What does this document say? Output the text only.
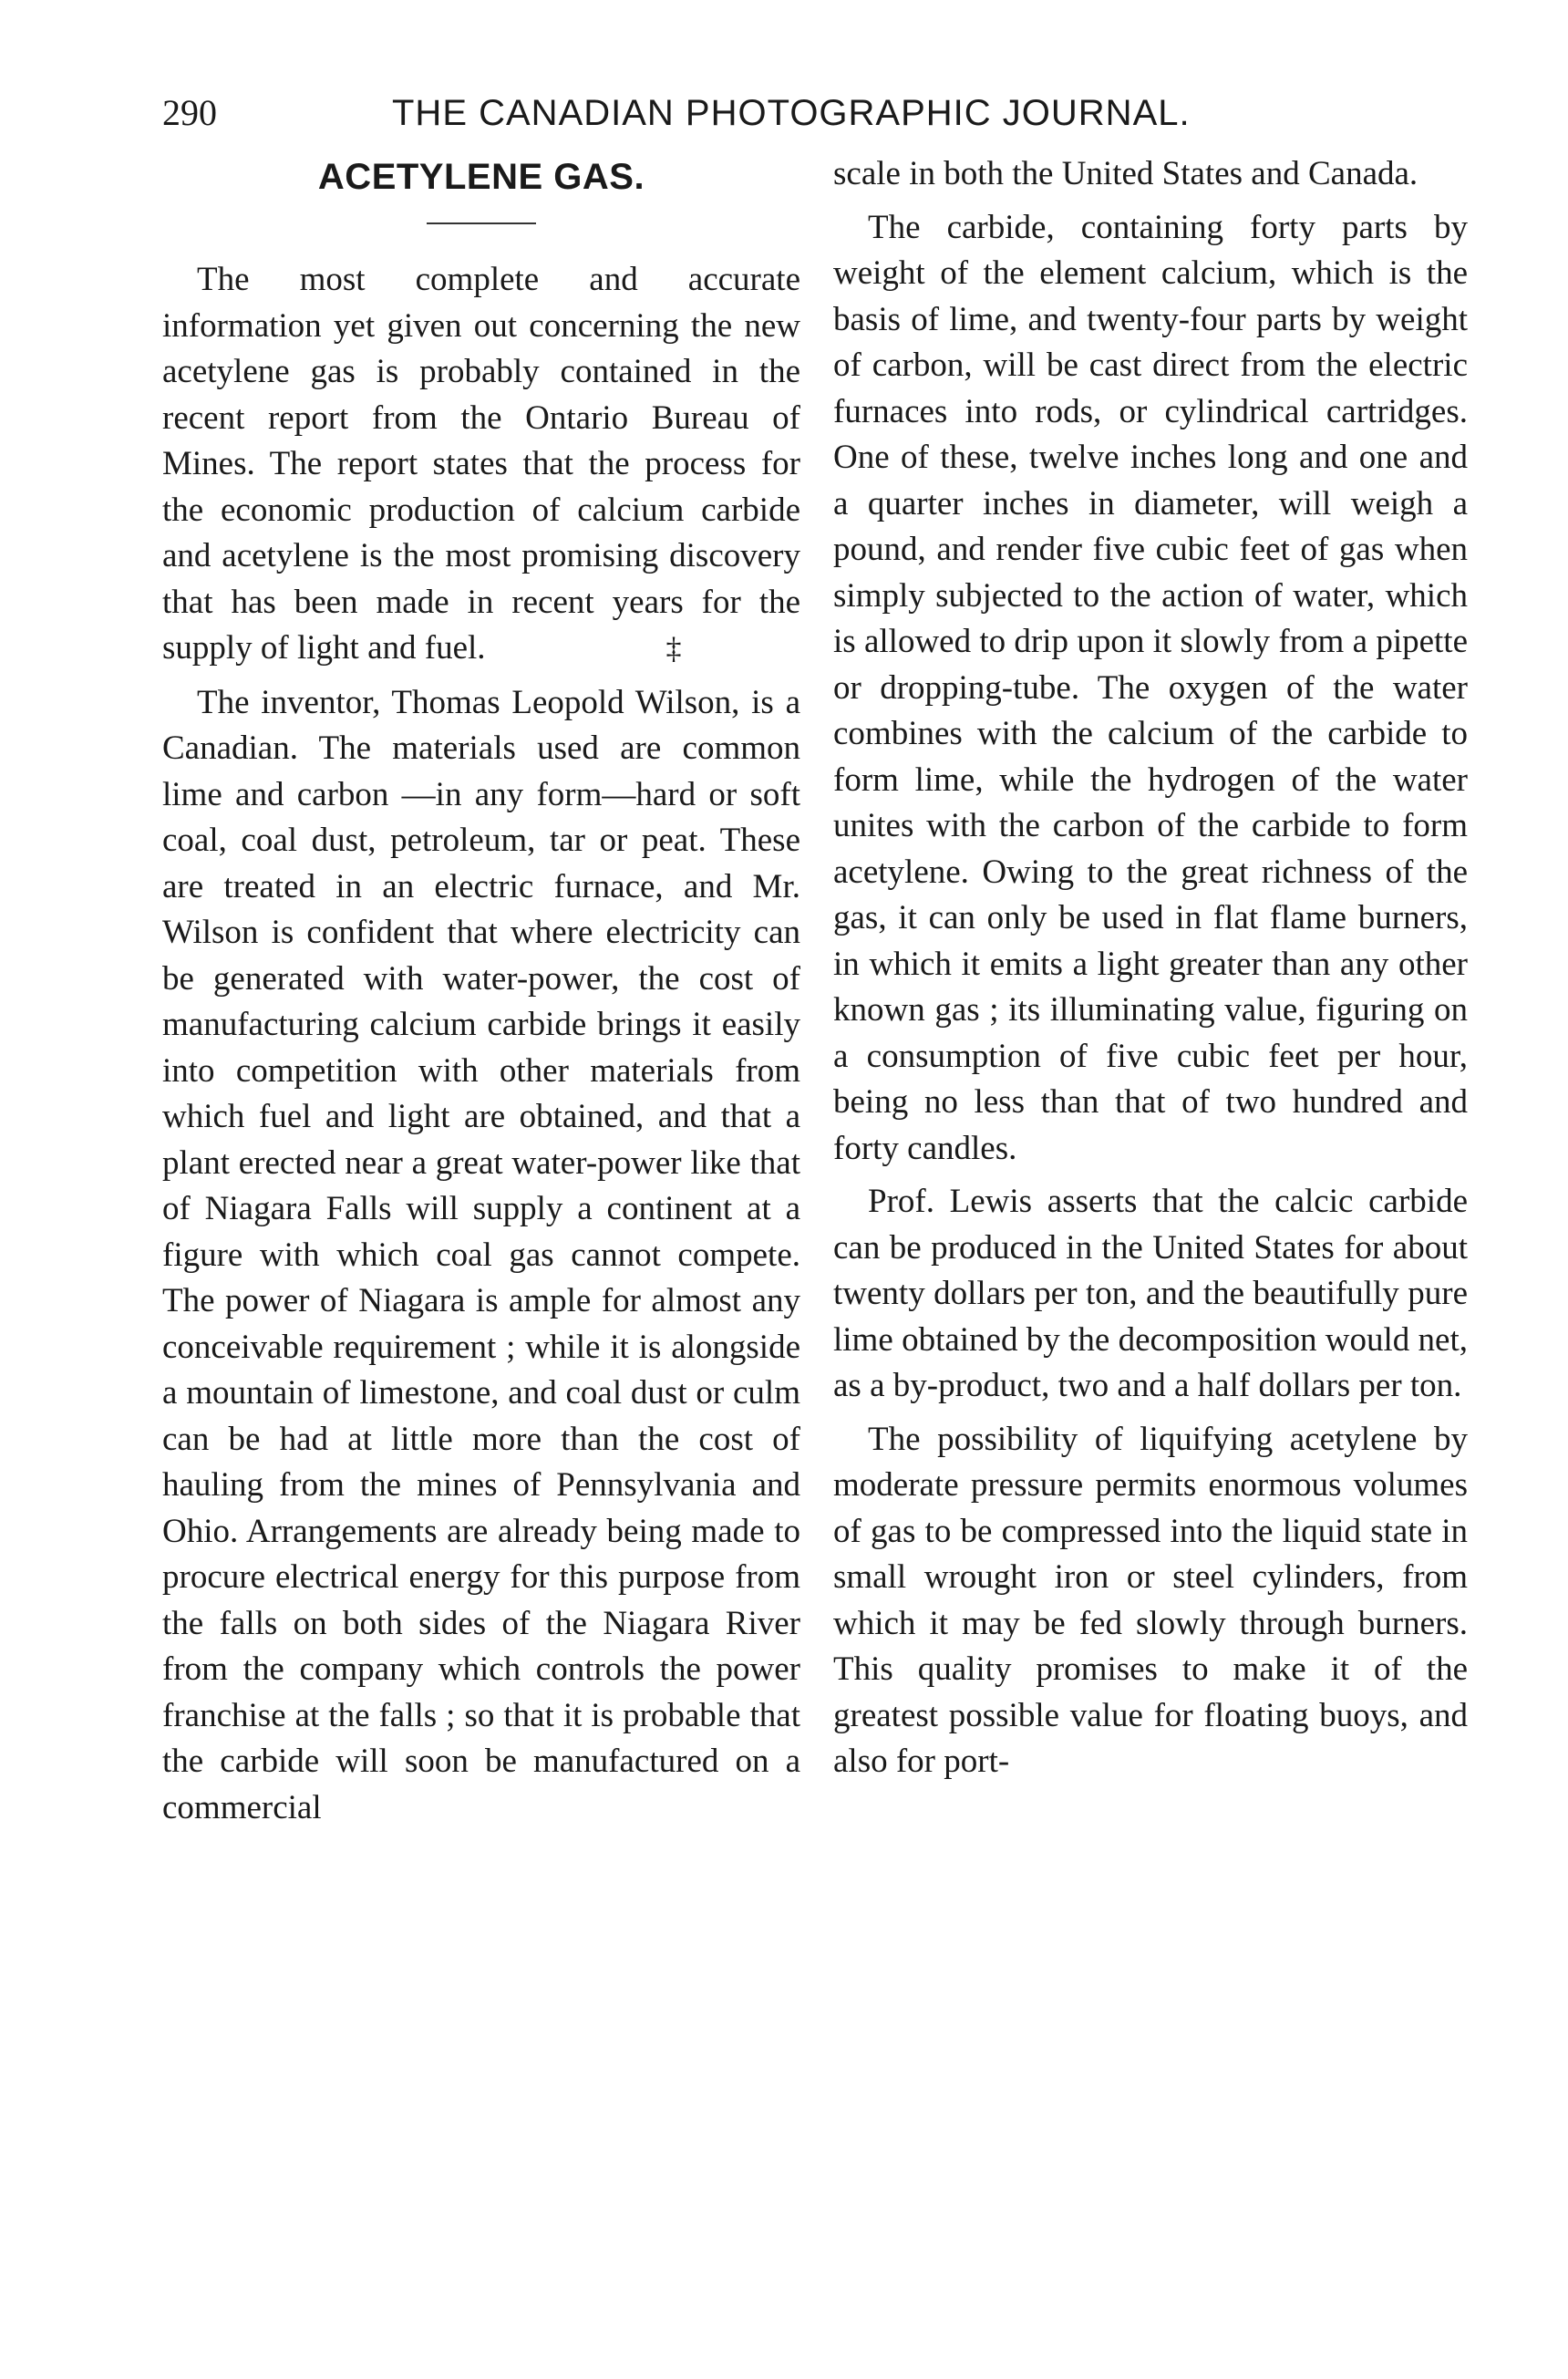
290	THE CANADIAN PHOTOGRAPHIC JOURNAL.
ACETYLENE GAS.

The most complete and accurate information yet given out concerning the new acetylene gas is probably contained in the recent report from the Ontario Bureau of Mines. The report states that the process for the economic production of calcium carbide and acetylene is the most promising discovery that has been made in recent years for the supply of light and fuel.	‡

The inventor, Thomas Leopold Wilson, is a Canadian. The materials used are common lime and carbon —in any form—hard or soft coal, coal dust, petroleum, tar or peat. These are treated in an electric furnace, and Mr. Wilson is confident that where electricity can be generated with water-power, the cost of manufacturing calcium carbide brings it easily into competition with other materials from which fuel and light are obtained, and that a plant erected near a great water-power like that of Niagara Falls will supply a continent at a figure with which coal gas cannot compete. The power of Niagara is ample for almost any conceivable requirement ; while it is alongside a mountain of limestone, and coal dust or culm can be had at little more than the cost of hauling from the mines of Pennsylvania and Ohio. Arrangements are already being made to procure electrical energy for this purpose from the falls on both sides of the Niagara River from the company which controls the power franchise at the falls ; so that it is probable that the carbide will soon be manufactured on a commercial

scale in both the United States and Canada.

The carbide, containing forty parts by weight of the element calcium, which is the basis of lime, and twenty-four parts by weight of carbon, will be cast direct from the electric furnaces into rods, or cylindrical cartridges. One of these, twelve inches long and one and a quarter inches in diameter, will weigh a pound, and render five cubic feet of gas when simply subjected to the action of water, which is allowed to drip upon it slowly from a pipette or dropping-tube. The oxygen of the water combines with the calcium of the carbide to form lime, while the hydrogen of the water unites with the carbon of the carbide to form acetylene. Owing to the great richness of the gas, it can only be used in flat flame burners, in which it emits a light greater than any other known gas ; its illuminating value, figuring on a consumption of five cubic feet per hour, being no less than that of two hundred and forty candles.

Prof. Lewis asserts that the calcic carbide can be produced in the United States for about twenty dollars per ton, and the beautifully pure lime obtained by the decomposition would net, as a by-product, two and a half dollars per ton.

The possibility of liquifying acetylene by moderate pressure permits enormous volumes of gas to be compressed into the liquid state in small wrought iron or steel cylinders, from which it may be fed slowly through burners. This quality promises to make it of the greatest possible value for floating buoys, and also for port-
